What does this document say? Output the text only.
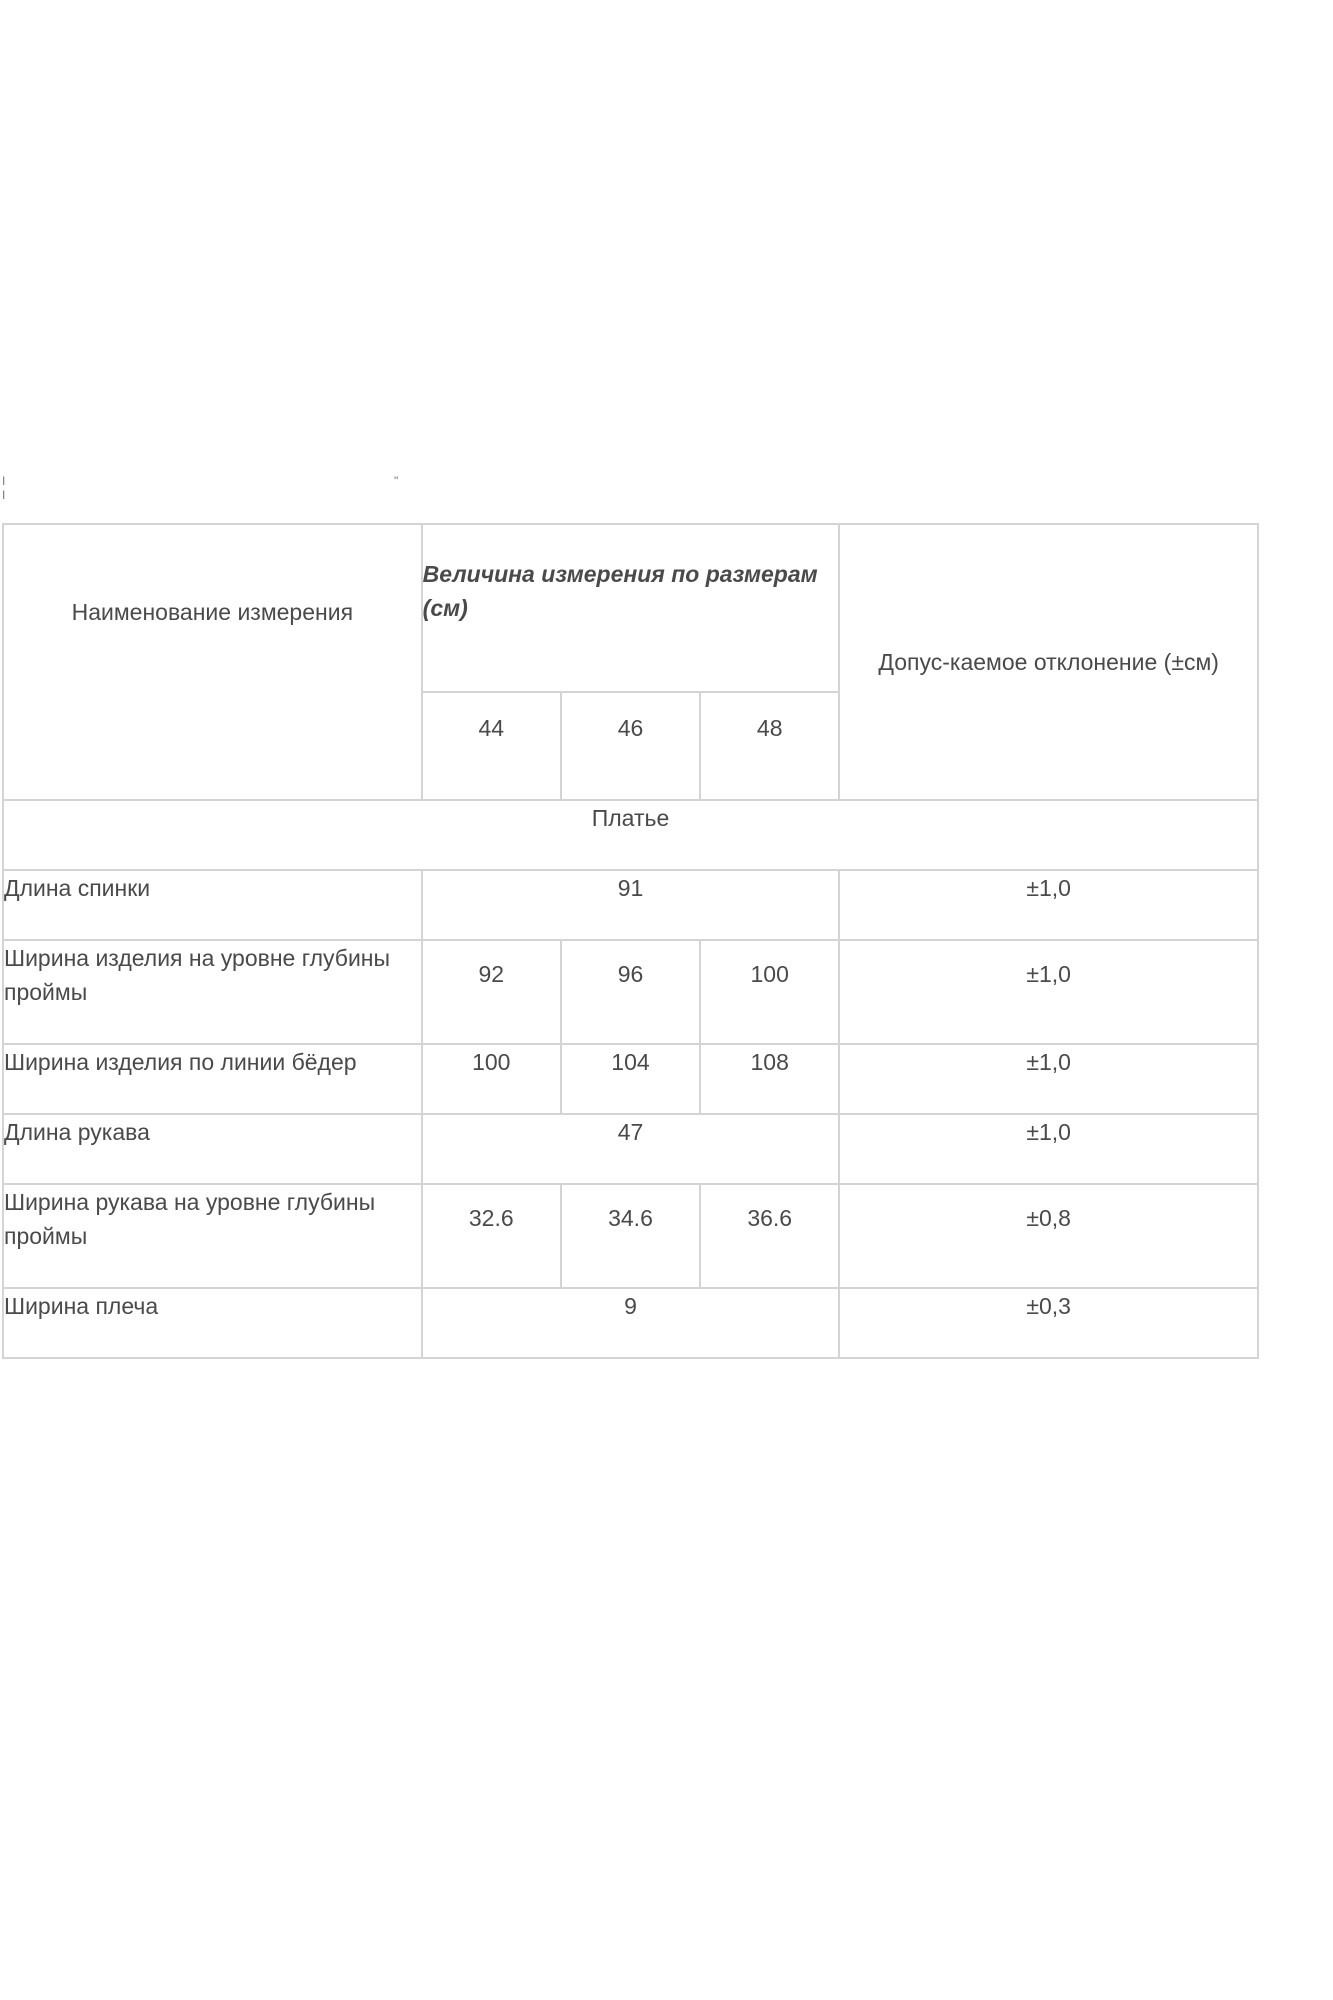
I I
"
Наименование измерения	Величина измерения по размерам (см)			Допус-каемое отклонение (±см)
	44	46	48	
Платье				
Длина спинки	91			±1,0
Ширина изделия на уровне глубины проймы	92	96	100	±1,0
Ширина изделия по линии бёдер	100	104	108	±1,0
Длина рукава	47			±1,0
Ширина рукава на уровне глубины проймы	32.6	34.6	36.6	±0,8
Ширина плеча	9			±0,3
